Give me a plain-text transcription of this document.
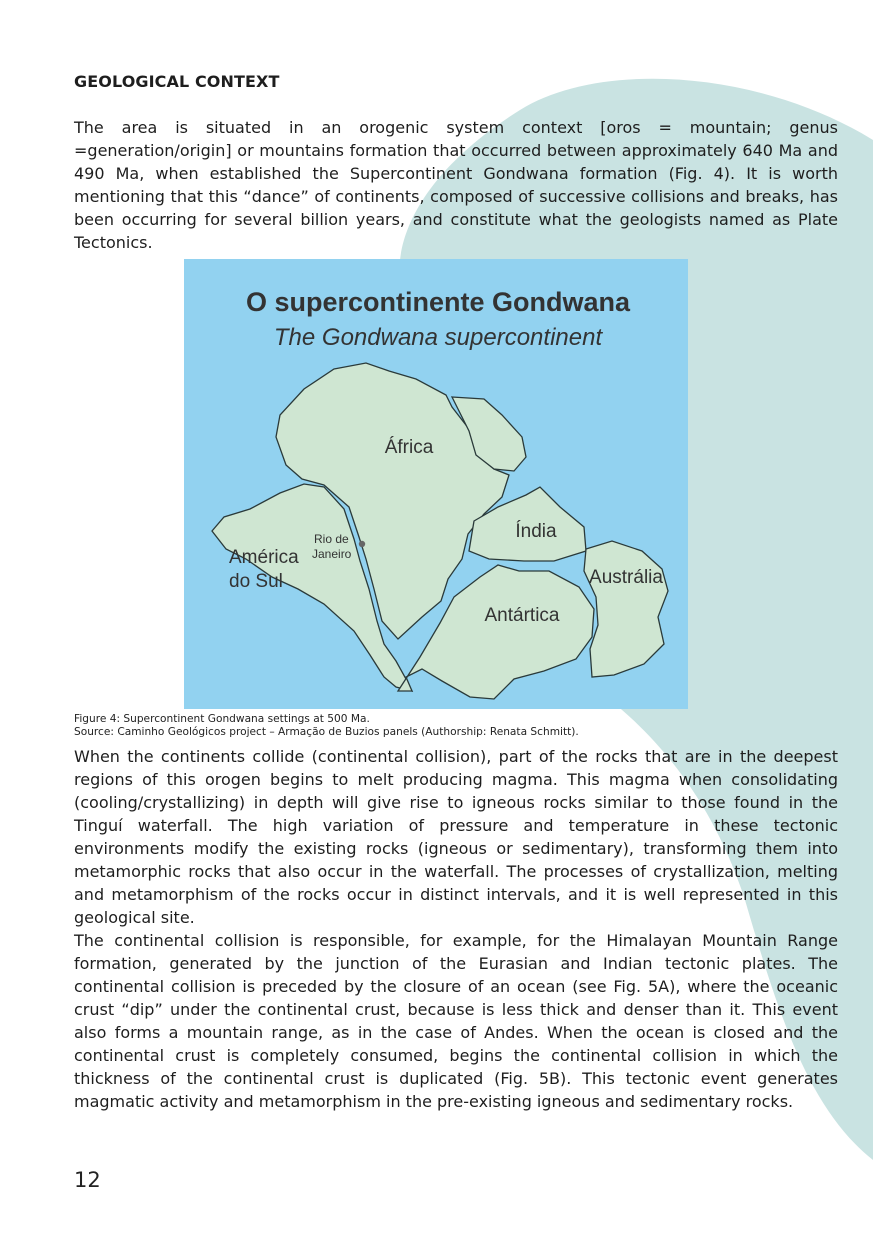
GEOLOGICAL CONTEXT

The area is situated in an orogenic system context [oros = mountain; genus =generation/origin] or mountains formation that occurred between approximately 640 Ma and 490 Ma, when established the Supercontinent Gondwana formation (Fig. 4). It is worth mentioning that this “dance” of continents, composed of successive collisions and breaks, has been occurring for several billion years, and constitute what the geologists named as Plate Tectonics.

O supercontinente Gondwana
The Gondwana supercontinent
África
América
do Sul
Rio de
Janeiro
Índia
Austrália
Antártica
Figure 4: Supercontinent Gondwana settings at 500 Ma.
Source: Caminho Geológicos project – Armação de Buzios panels (Authorship: Renata Schmitt).

When the continents collide (continental collision), part of the rocks that are in the deepest regions of this orogen begins to melt producing magma. This magma when consolidating (cooling/crystallizing) in depth will give rise to igneous rocks similar to those found in the Tinguí waterfall. The high variation of pressure and temperature in these tectonic environments modify the existing rocks (igneous or sedimentary), transforming them into metamorphic rocks that also occur in the waterfall. The processes of crystallization, melting and metamorphism of the rocks occur in distinct intervals, and it is well represented in this geological site.

The continental collision is responsible, for example, for the Himalayan Mountain Range formation, generated by the junction of the Eurasian and Indian tectonic plates. The continental collision is preceded by the closure of an ocean (see Fig. 5A), where the oceanic crust “dip” under the continental crust, because is less thick and denser than it. This event also forms a mountain range, as in the case of Andes. When the ocean is closed and the continental crust is completely consumed, begins the continental collision in which the thickness of the continental crust is duplicated (Fig. 5B). This tectonic event generates magmatic activity and metamorphism in the pre-existing igneous and sedimentary rocks.

12
